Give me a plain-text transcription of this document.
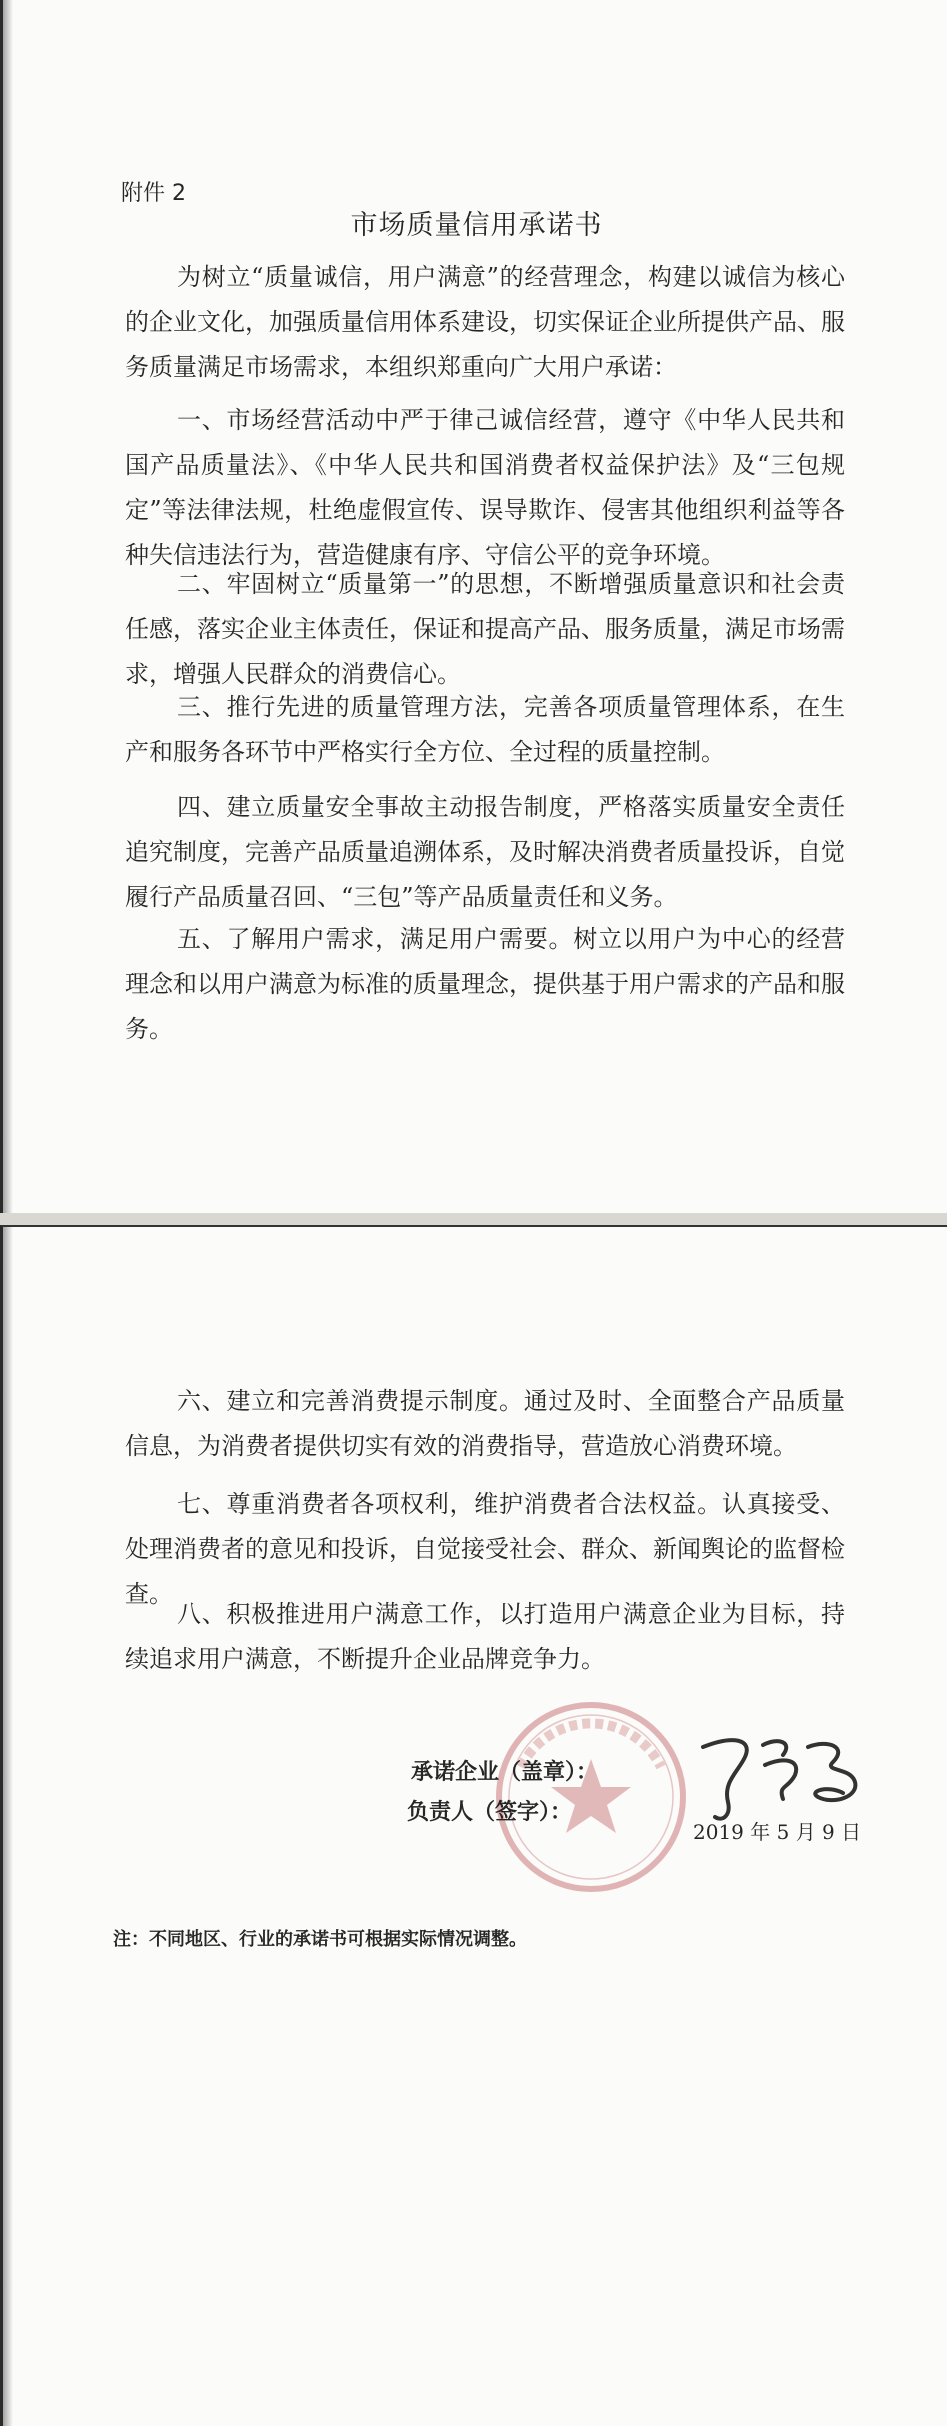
附件 2
市场质量信用承诺书

为树立“质量诚信，用户满意”的经营理念，构建以诚信为核心的企业文化，加强质量信用体系建设，切实保证企业所提供产品、服务质量满足市场需求，本组织郑重向广大用户承诺：

一、市场经营活动中严于律己诚信经营，遵守《中华人民共和国产品质量法》、《中华人民共和国消费者权益保护法》及“三包规定”等法律法规，杜绝虚假宣传、误导欺诈、侵害其他组织利益等各种失信违法行为，营造健康有序、守信公平的竞争环境。

二、牢固树立“质量第一”的思想，不断增强质量意识和社会责任感，落实企业主体责任，保证和提高产品、服务质量，满足市场需求，增强人民群众的消费信心。

三、推行先进的质量管理方法，完善各项质量管理体系，在生产和服务各环节中严格实行全方位、全过程的质量控制。

四、建立质量安全事故主动报告制度，严格落实质量安全责任追究制度，完善产品质量追溯体系，及时解决消费者质量投诉，自觉履行产品质量召回、“三包”等产品质量责任和义务。

五、了解用户需求，满足用户需要。树立以用户为中心的经营理念和以用户满意为标准的质量理念，提供基于用户需求的产品和服务。

六、建立和完善消费提示制度。通过及时、全面整合产品质量信息，为消费者提供切实有效的消费指导，营造放心消费环境。

七、尊重消费者各项权利，维护消费者合法权益。认真接受、处理消费者的意见和投诉，自觉接受社会、群众、新闻舆论的监督检查。

八、积极推进用户满意工作，以打造用户满意企业为目标，持续追求用户满意，不断提升企业品牌竞争力。

承诺企业（盖章）：
负责人（签字）：
2019 年 5 月 9 日
注：不同地区、行业的承诺书可根据实际情况调整。
